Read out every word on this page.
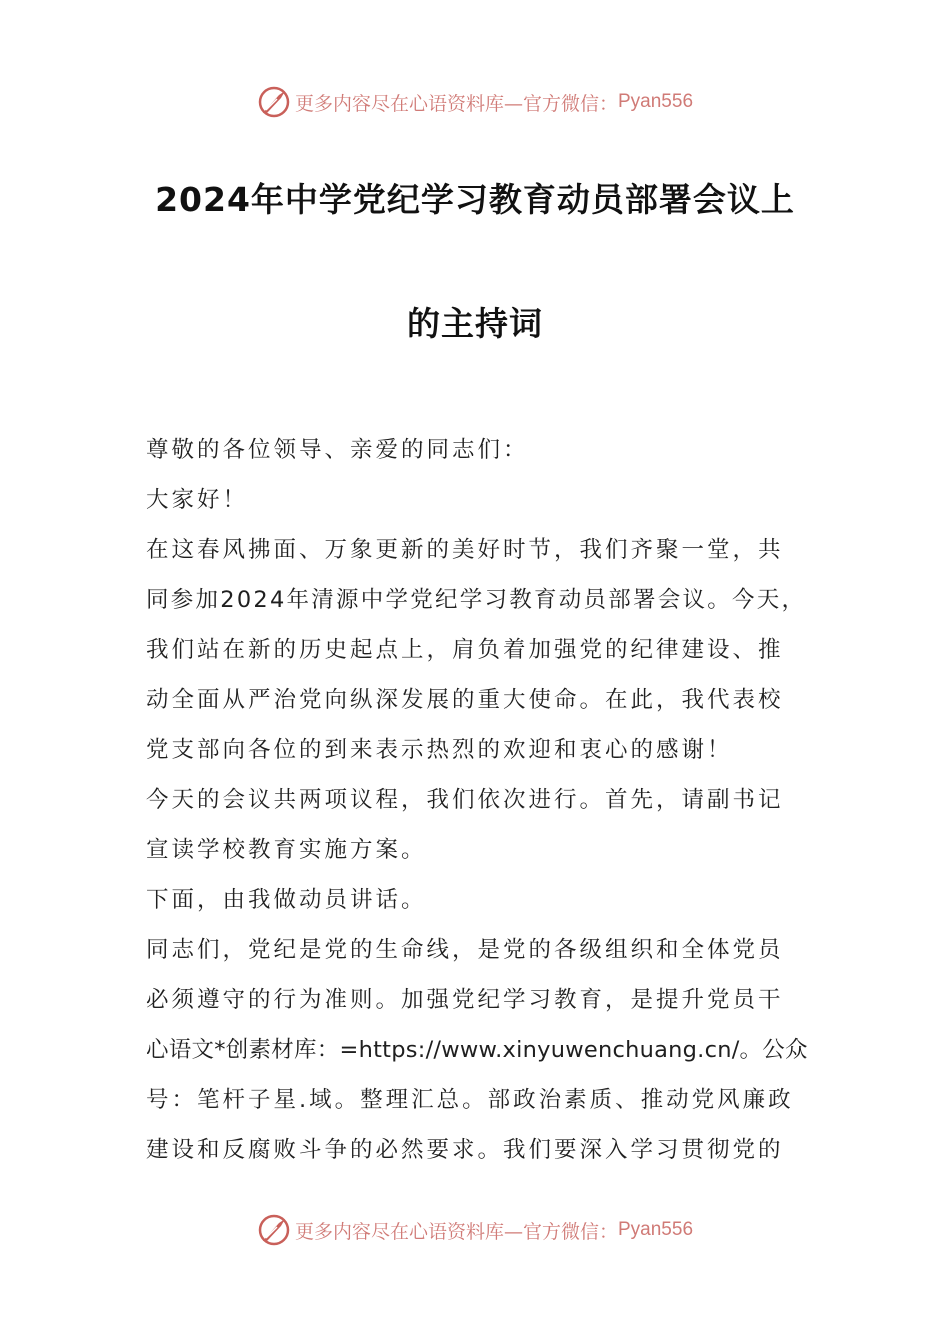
更多内容尽在心语资料库—官方微信： Pyan556
2024年中学党纪学习教育动员部署会议上
的主持词
尊敬的各位领导、亲爱的同志们：
大家好！
在这春风拂面、万象更新的美好时节，我们齐聚一堂，共
同参加2024年清源中学党纪学习教育动员部署会议。今天，
我们站在新的历史起点上，肩负着加强党的纪律建设、推
动全面从严治党向纵深发展的重大使命。在此，我代表校
党支部向各位的到来表示热烈的欢迎和衷心的感谢！
今天的会议共两项议程，我们依次进行。首先，请副书记
宣读学校教育实施方案。
下面，由我做动员讲话。
同志们，党纪是党的生命线，是党的各级组织和全体党员
必须遵守的行为准则。加强党纪学习教育，是提升党员干
心语文*创素材库：=https://www.xinyuwenchuang.cn/。公众
号：笔杆子星.域。整理汇总。部政治素质、推动党风廉政
建设和反腐败斗争的必然要求。我们要深入学习贯彻党的
更多内容尽在心语资料库—官方微信： Pyan556
